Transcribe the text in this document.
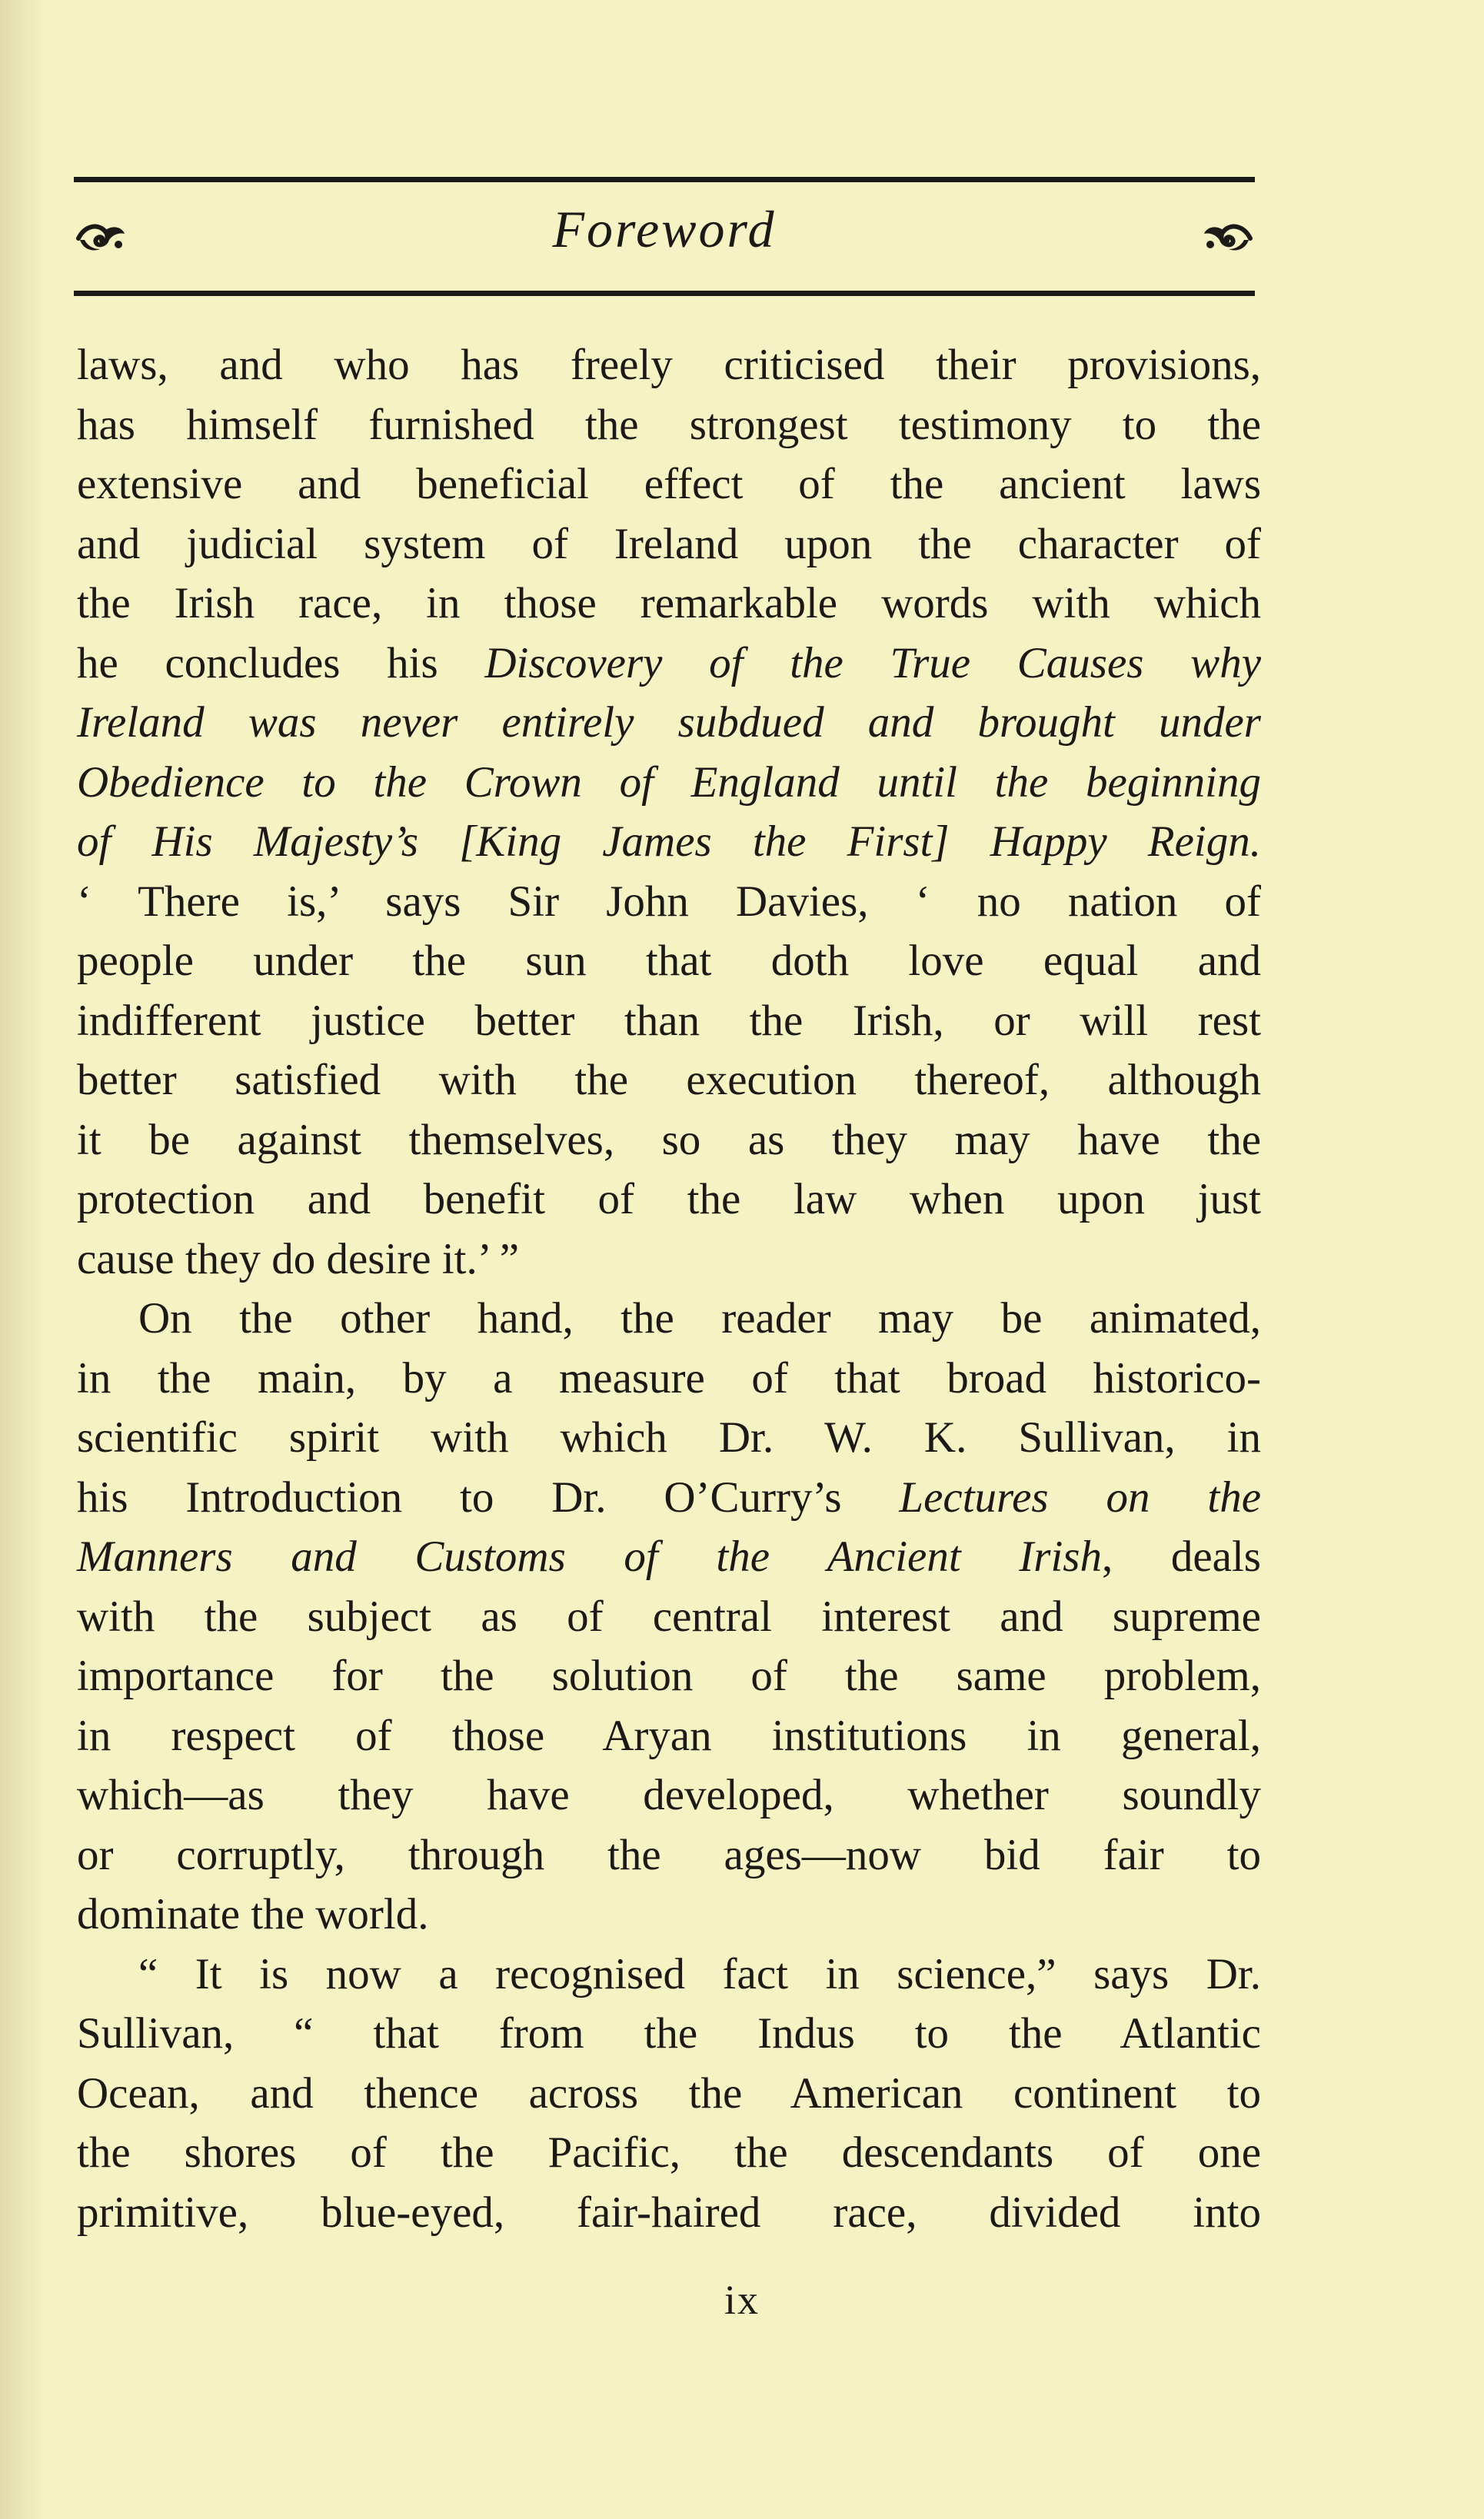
Foreword
laws, and who has freely criticised their provisions,
has himself furnished the strongest testimony to the
extensive and beneficial effect of the ancient laws
and judicial system of Ireland upon the character of
the Irish race, in those remarkable words with which
he concludes his Discovery of the True Causes why
Ireland was never entirely subdued and brought under
Obedience to the Crown of England until the beginning
of His Majesty’s [King James the First] Happy Reign.
‘ There is,’ says Sir John Davies, ‘ no nation of
people under the sun that doth love equal and
indifferent justice better than the Irish, or will rest
better satisfied with the execution thereof, although
it be against themselves, so as they may have the
protection and benefit of the law when upon just
cause they do desire it.’ ”
On the other hand, the reader may be animated,
in the main, by a measure of that broad historico-
scientific spirit with which Dr. W. K. Sullivan, in
his Introduction to Dr. O’Curry’s Lectures on the
Manners and Customs of the Ancient Irish, deals
with the subject as of central interest and supreme
importance for the solution of the same problem,
in respect of those Aryan institutions in general,
which—as they have developed, whether soundly
or corruptly, through the ages—now bid fair to
dominate the world.
“ It is now a recognised fact in science,” says Dr.
Sullivan, “ that from the Indus to the Atlantic
Ocean, and thence across the American continent to
the shores of the Pacific, the descendants of one
primitive, blue-eyed, fair-haired race, divided into
ix
